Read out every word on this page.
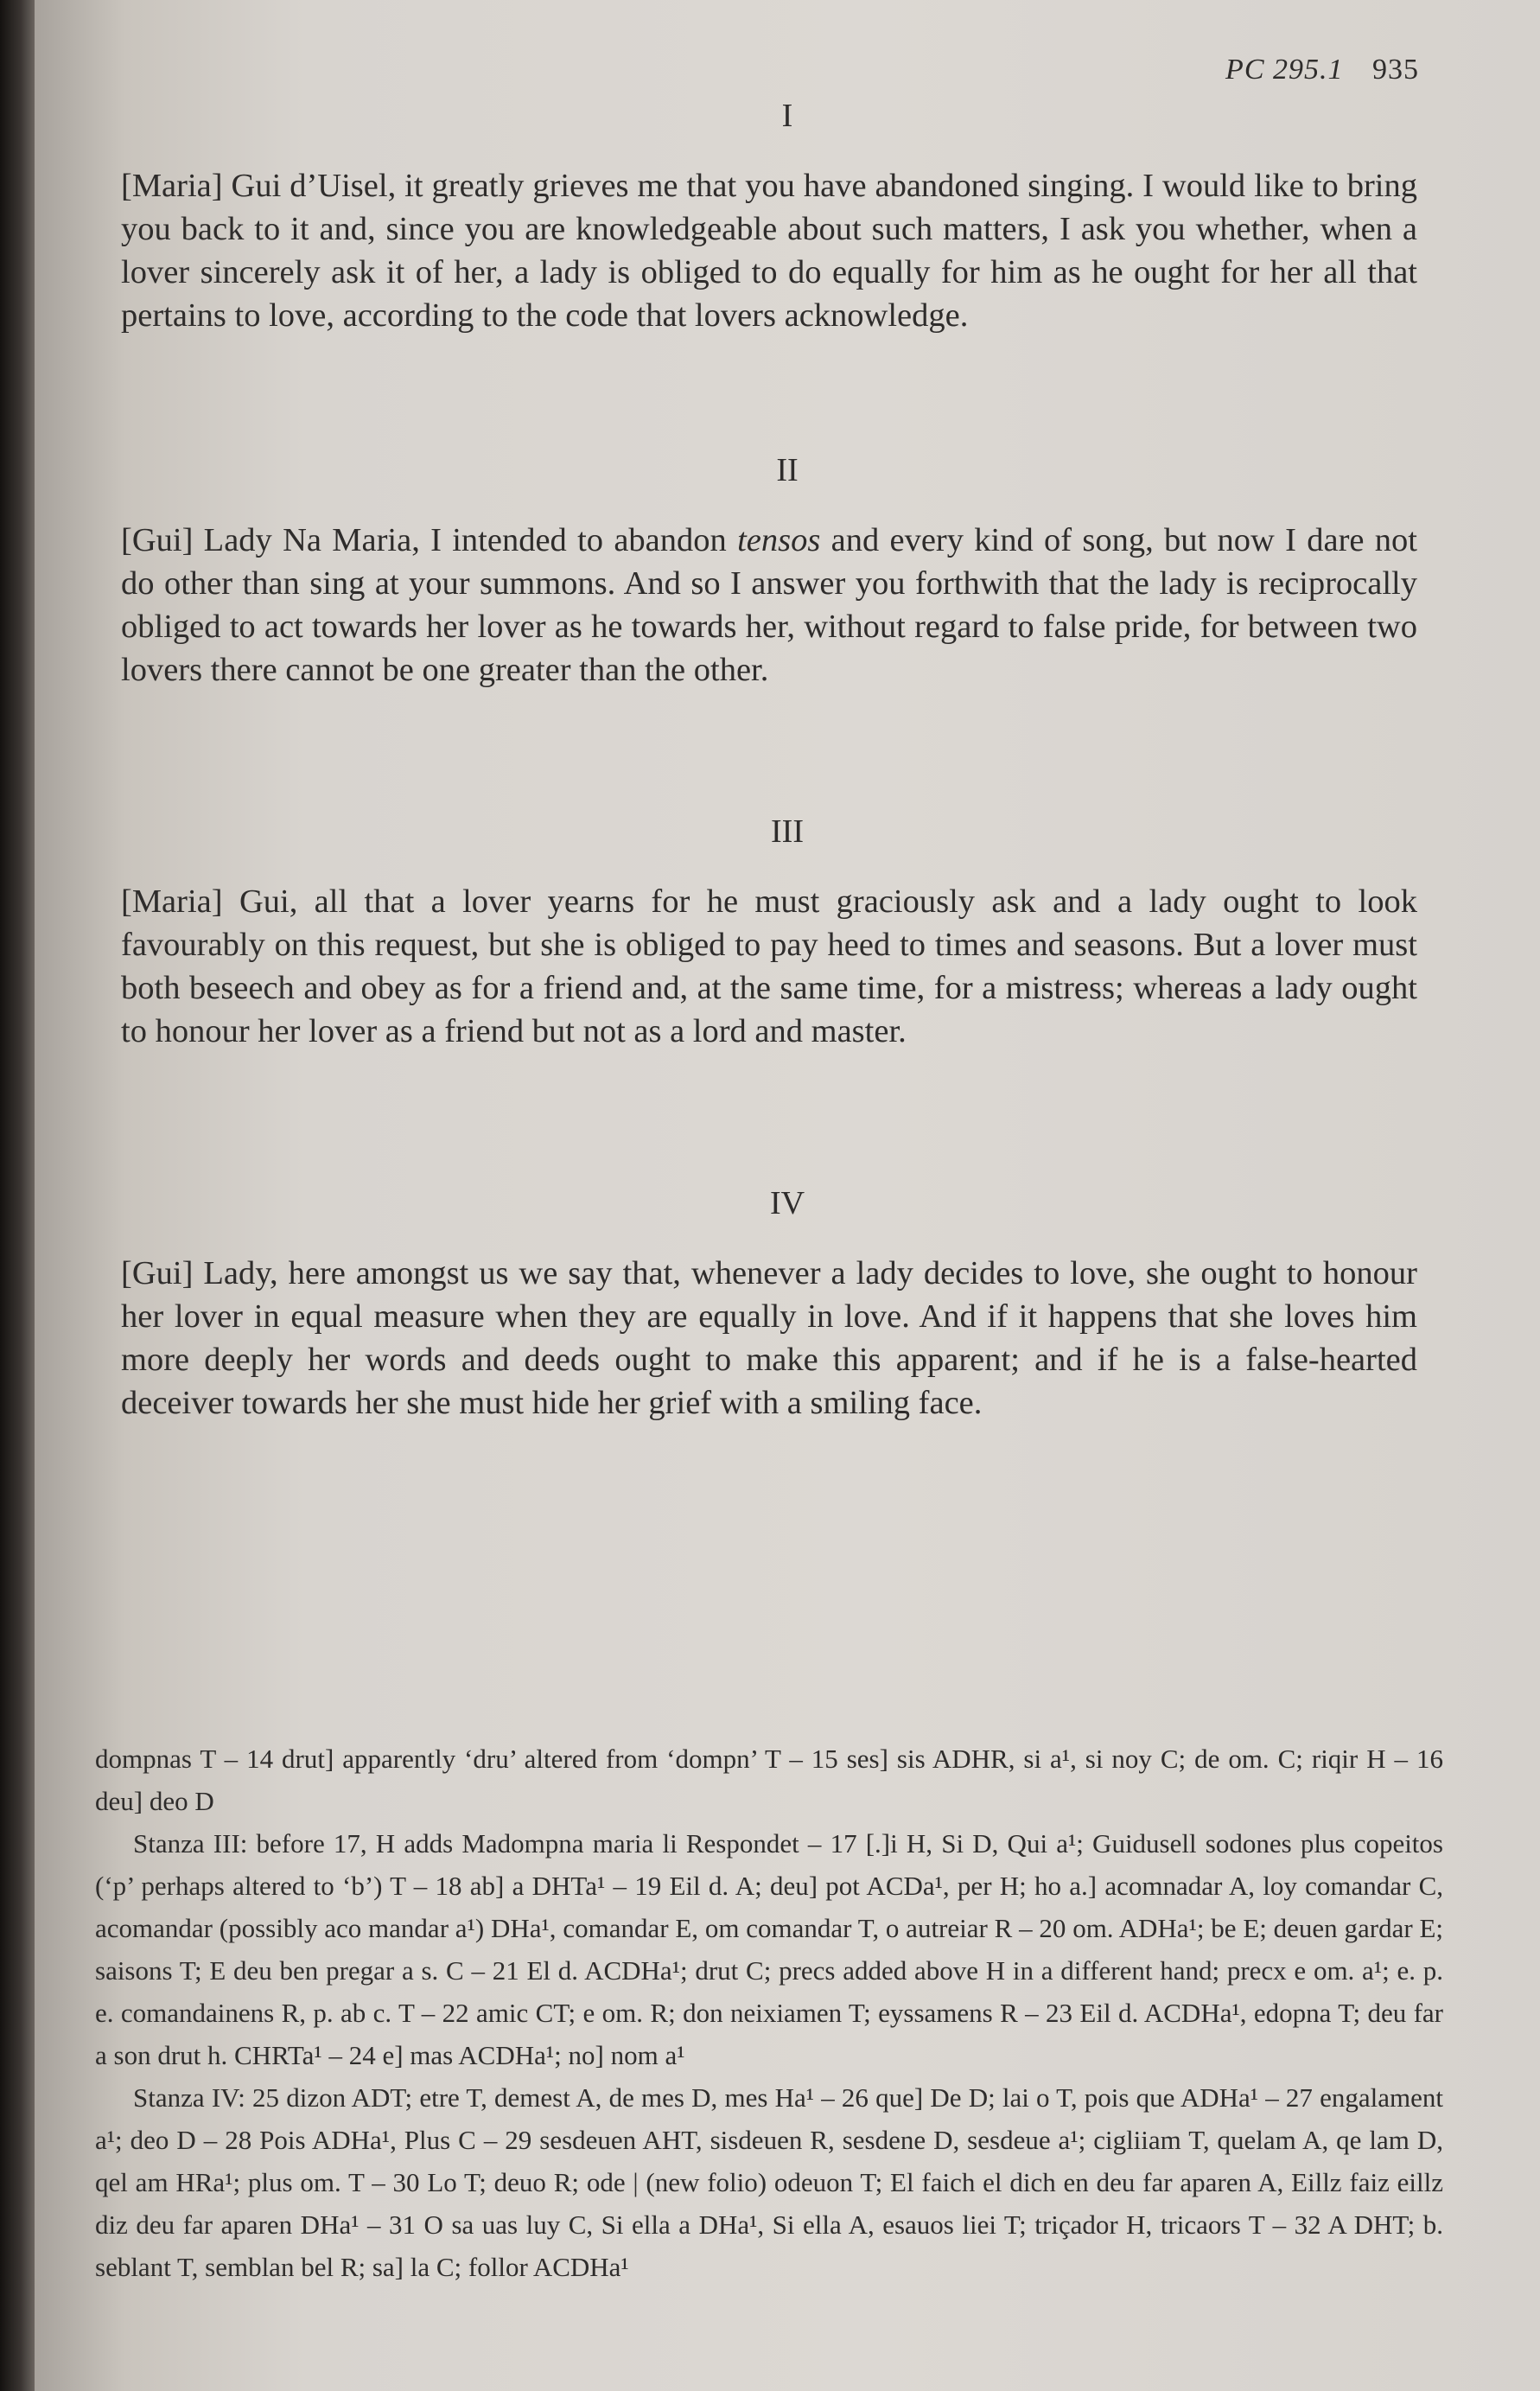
PC 295.1 935
I
[Maria] Gui d’Uisel, it greatly grieves me that you have abandoned singing. I would like to bring you back to it and, since you are knowledgeable about such matters, I ask you whether, when a lover sincerely ask it of her, a lady is obliged to do equally for him as he ought for her all that pertains to love, according to the code that lovers acknowledge.
II
[Gui] Lady Na Maria, I intended to abandon tensos and every kind of song, but now I dare not do other than sing at your summons. And so I answer you forthwith that the lady is reciprocally obliged to act towards her lover as he towards her, without regard to false pride, for between two lovers there cannot be one greater than the other.
III
[Maria] Gui, all that a lover yearns for he must graciously ask and a lady ought to look favourably on this request, but she is obliged to pay heed to times and seasons. But a lover must both beseech and obey as for a friend and, at the same time, for a mistress; whereas a lady ought to honour her lover as a friend but not as a lord and master.
IV
[Gui] Lady, here amongst us we say that, whenever a lady decides to love, she ought to honour her lover in equal measure when they are equally in love. And if it happens that she loves him more deeply her words and deeds ought to make this apparent; and if he is a false-hearted deceiver towards her she must hide her grief with a smiling face.

dompnas T – 14 drut] apparently ‘dru’ altered from ‘dompn’ T – 15 ses] sis ADHR, si a¹, si noy C; de om. C; riqir H – 16 deu] deo D

Stanza III: before 17, H adds Madompna maria li Respondet – 17 [.]i H, Si D, Qui a¹; Guidusell sodones plus copeitos (‘p’ perhaps altered to ‘b’) T – 18 ab] a DHTa¹ – 19 Eil d. A; deu] pot ACDa¹, per H; ho a.] acomnadar A, loy comandar C, acomandar (possibly aco mandar a¹) DHa¹, comandar E, om comandar T, o autreiar R – 20 om. ADHa¹; be E; deuen gardar E; saisons T; E deu ben pregar a s. C – 21 El d. ACDHa¹; drut C; precs added above H in a different hand; precx e om. a¹; e. p. e. comandainens R, p. ab c. T – 22 amic CT; e om. R; don neixiamen T; eyssamens R – 23 Eil d. ACDHa¹, edopna T; deu far a son drut h. CHRTa¹ – 24 e] mas ACDHa¹; no] nom a¹

Stanza IV: 25 dizon ADT; etre T, demest A, de mes D, mes Ha¹ – 26 que] De D; lai o T, pois que ADHa¹ – 27 engalament a¹; deo D – 28 Pois ADHa¹, Plus C – 29 sesdeuen AHT, sisdeuen R, sesdene D, sesdeue a¹; cigliiam T, quelam A, qe lam D, qel am HRa¹; plus om. T – 30 Lo T; deuo R; ode | (new folio) odeuon T; El faich el dich en deu far aparen A, Eillz faiz eillz diz deu far aparen DHa¹ – 31 O sa uas luy C, Si ella a DHa¹, Si ella A, esauos liei T; triçador H, tricaors T – 32 A DHT; b. seblant T, semblan bel R; sa] la C; follor ACDHa¹
